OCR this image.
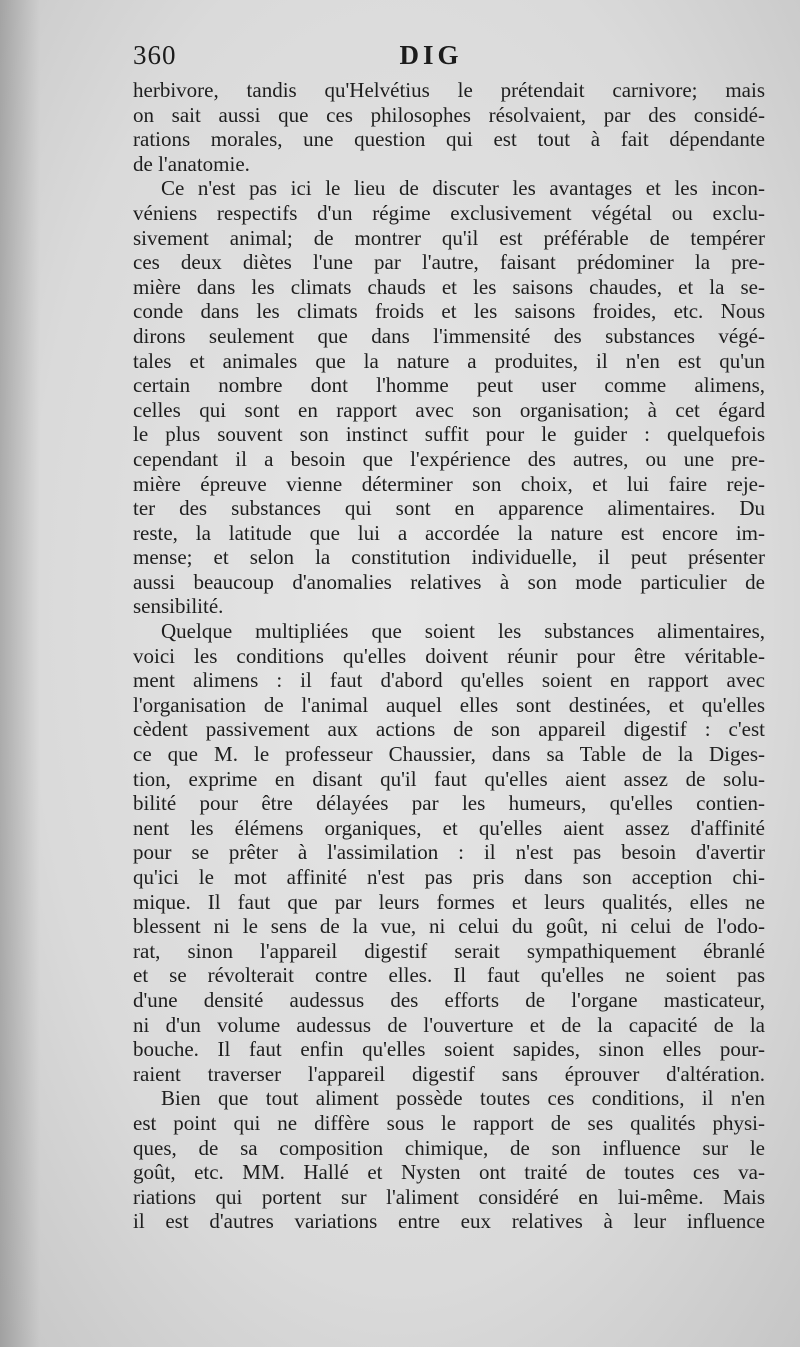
360	DIG
herbivore, tandis qu'Helvétius le prétendait carnivore; mais
on sait aussi que ces philosophes résolvaient, par des considé-
rations morales, une question qui est tout à fait dépendante
de l'anatomie.
Ce n'est pas ici le lieu de discuter les avantages et les incon-
véniens respectifs d'un régime exclusivement végétal ou exclu-
sivement animal; de montrer qu'il est préférable de tempérer
ces deux diètes l'une par l'autre, faisant prédominer la pre-
mière dans les climats chauds et les saisons chaudes, et la se-
conde dans les climats froids et les saisons froides, etc. Nous
dirons seulement que dans l'immensité des substances végé-
tales et animales que la nature a produites, il n'en est qu'un
certain nombre dont l'homme peut user comme alimens,
celles qui sont en rapport avec son organisation; à cet égard
le plus souvent son instinct suffit pour le guider : quelquefois
cependant il a besoin que l'expérience des autres, ou une pre-
mière épreuve vienne déterminer son choix, et lui faire reje-
ter des substances qui sont en apparence alimentaires. Du
reste, la latitude que lui a accordée la nature est encore im-
mense; et selon la constitution individuelle, il peut présenter
aussi beaucoup d'anomalies relatives à son mode particulier de
sensibilité.
Quelque multipliées que soient les substances alimentaires,
voici les conditions qu'elles doivent réunir pour être véritable-
ment alimens : il faut d'abord qu'elles soient en rapport avec
l'organisation de l'animal auquel elles sont destinées, et qu'elles
cèdent passivement aux actions de son appareil digestif : c'est
ce que M. le professeur Chaussier, dans sa Table de la Diges-
tion, exprime en disant qu'il faut qu'elles aient assez de solu-
bilité pour être délayées par les humeurs, qu'elles contien-
nent les élémens organiques, et qu'elles aient assez d'affinité
pour se prêter à l'assimilation : il n'est pas besoin d'avertir
qu'ici le mot affinité n'est pas pris dans son acception chi-
mique. Il faut que par leurs formes et leurs qualités, elles ne
blessent ni le sens de la vue, ni celui du goût, ni celui de l'odo-
rat, sinon l'appareil digestif serait sympathiquement ébranlé
et se révolterait contre elles. Il faut qu'elles ne soient pas
d'une densité audessus des efforts de l'organe masticateur,
ni d'un volume audessus de l'ouverture et de la capacité de la
bouche. Il faut enfin qu'elles soient sapides, sinon elles pour-
raient traverser l'appareil digestif sans éprouver d'altération.
Bien que tout aliment possède toutes ces conditions, il n'en
est point qui ne diffère sous le rapport de ses qualités physi-
ques, de sa composition chimique, de son influence sur le
goût, etc. MM. Hallé et Nysten ont traité de toutes ces va-
riations qui portent sur l'aliment considéré en lui-même. Mais
il est d'autres variations entre eux relatives à leur influence
